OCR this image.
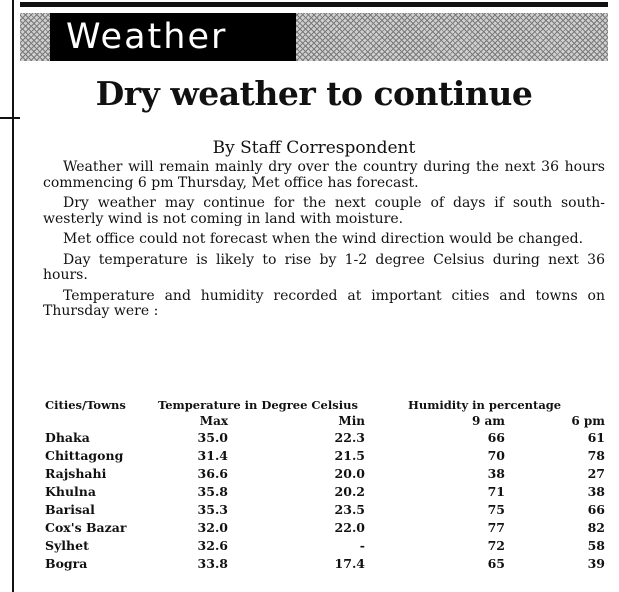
Weather
Dry weather to continue
By Staff Correspondent

Weather will remain mainly dry over the country during the next 36 hours commencing 6 pm Thursday, Met office has forecast.

Dry weather may continue for the next couple of days if south south-westerly wind is not coming in land with moisture.

Met office could not forecast when the wind direction would be changed.

Day temperature is likely to rise by 1-2 degree Celsius during next 36 hours.

Temperature and humidity recorded at important cities and towns on Thursday were :

Cities/Towns	Temperature in Degree Celsius	Humidity in percentage
Max	Min	9 am	6 pm
Dhaka	35.0	22.3	66	61
Chittagong	31.4	21.5	70	78
Rajshahi	36.6	20.0	38	27
Khulna	35.8	20.2	71	38
Barisal	35.3	23.5	75	66
Cox's Bazar	32.0	22.0	77	82
Sylhet	32.6	-	72	58
Bogra	33.8	17.4	65	39
